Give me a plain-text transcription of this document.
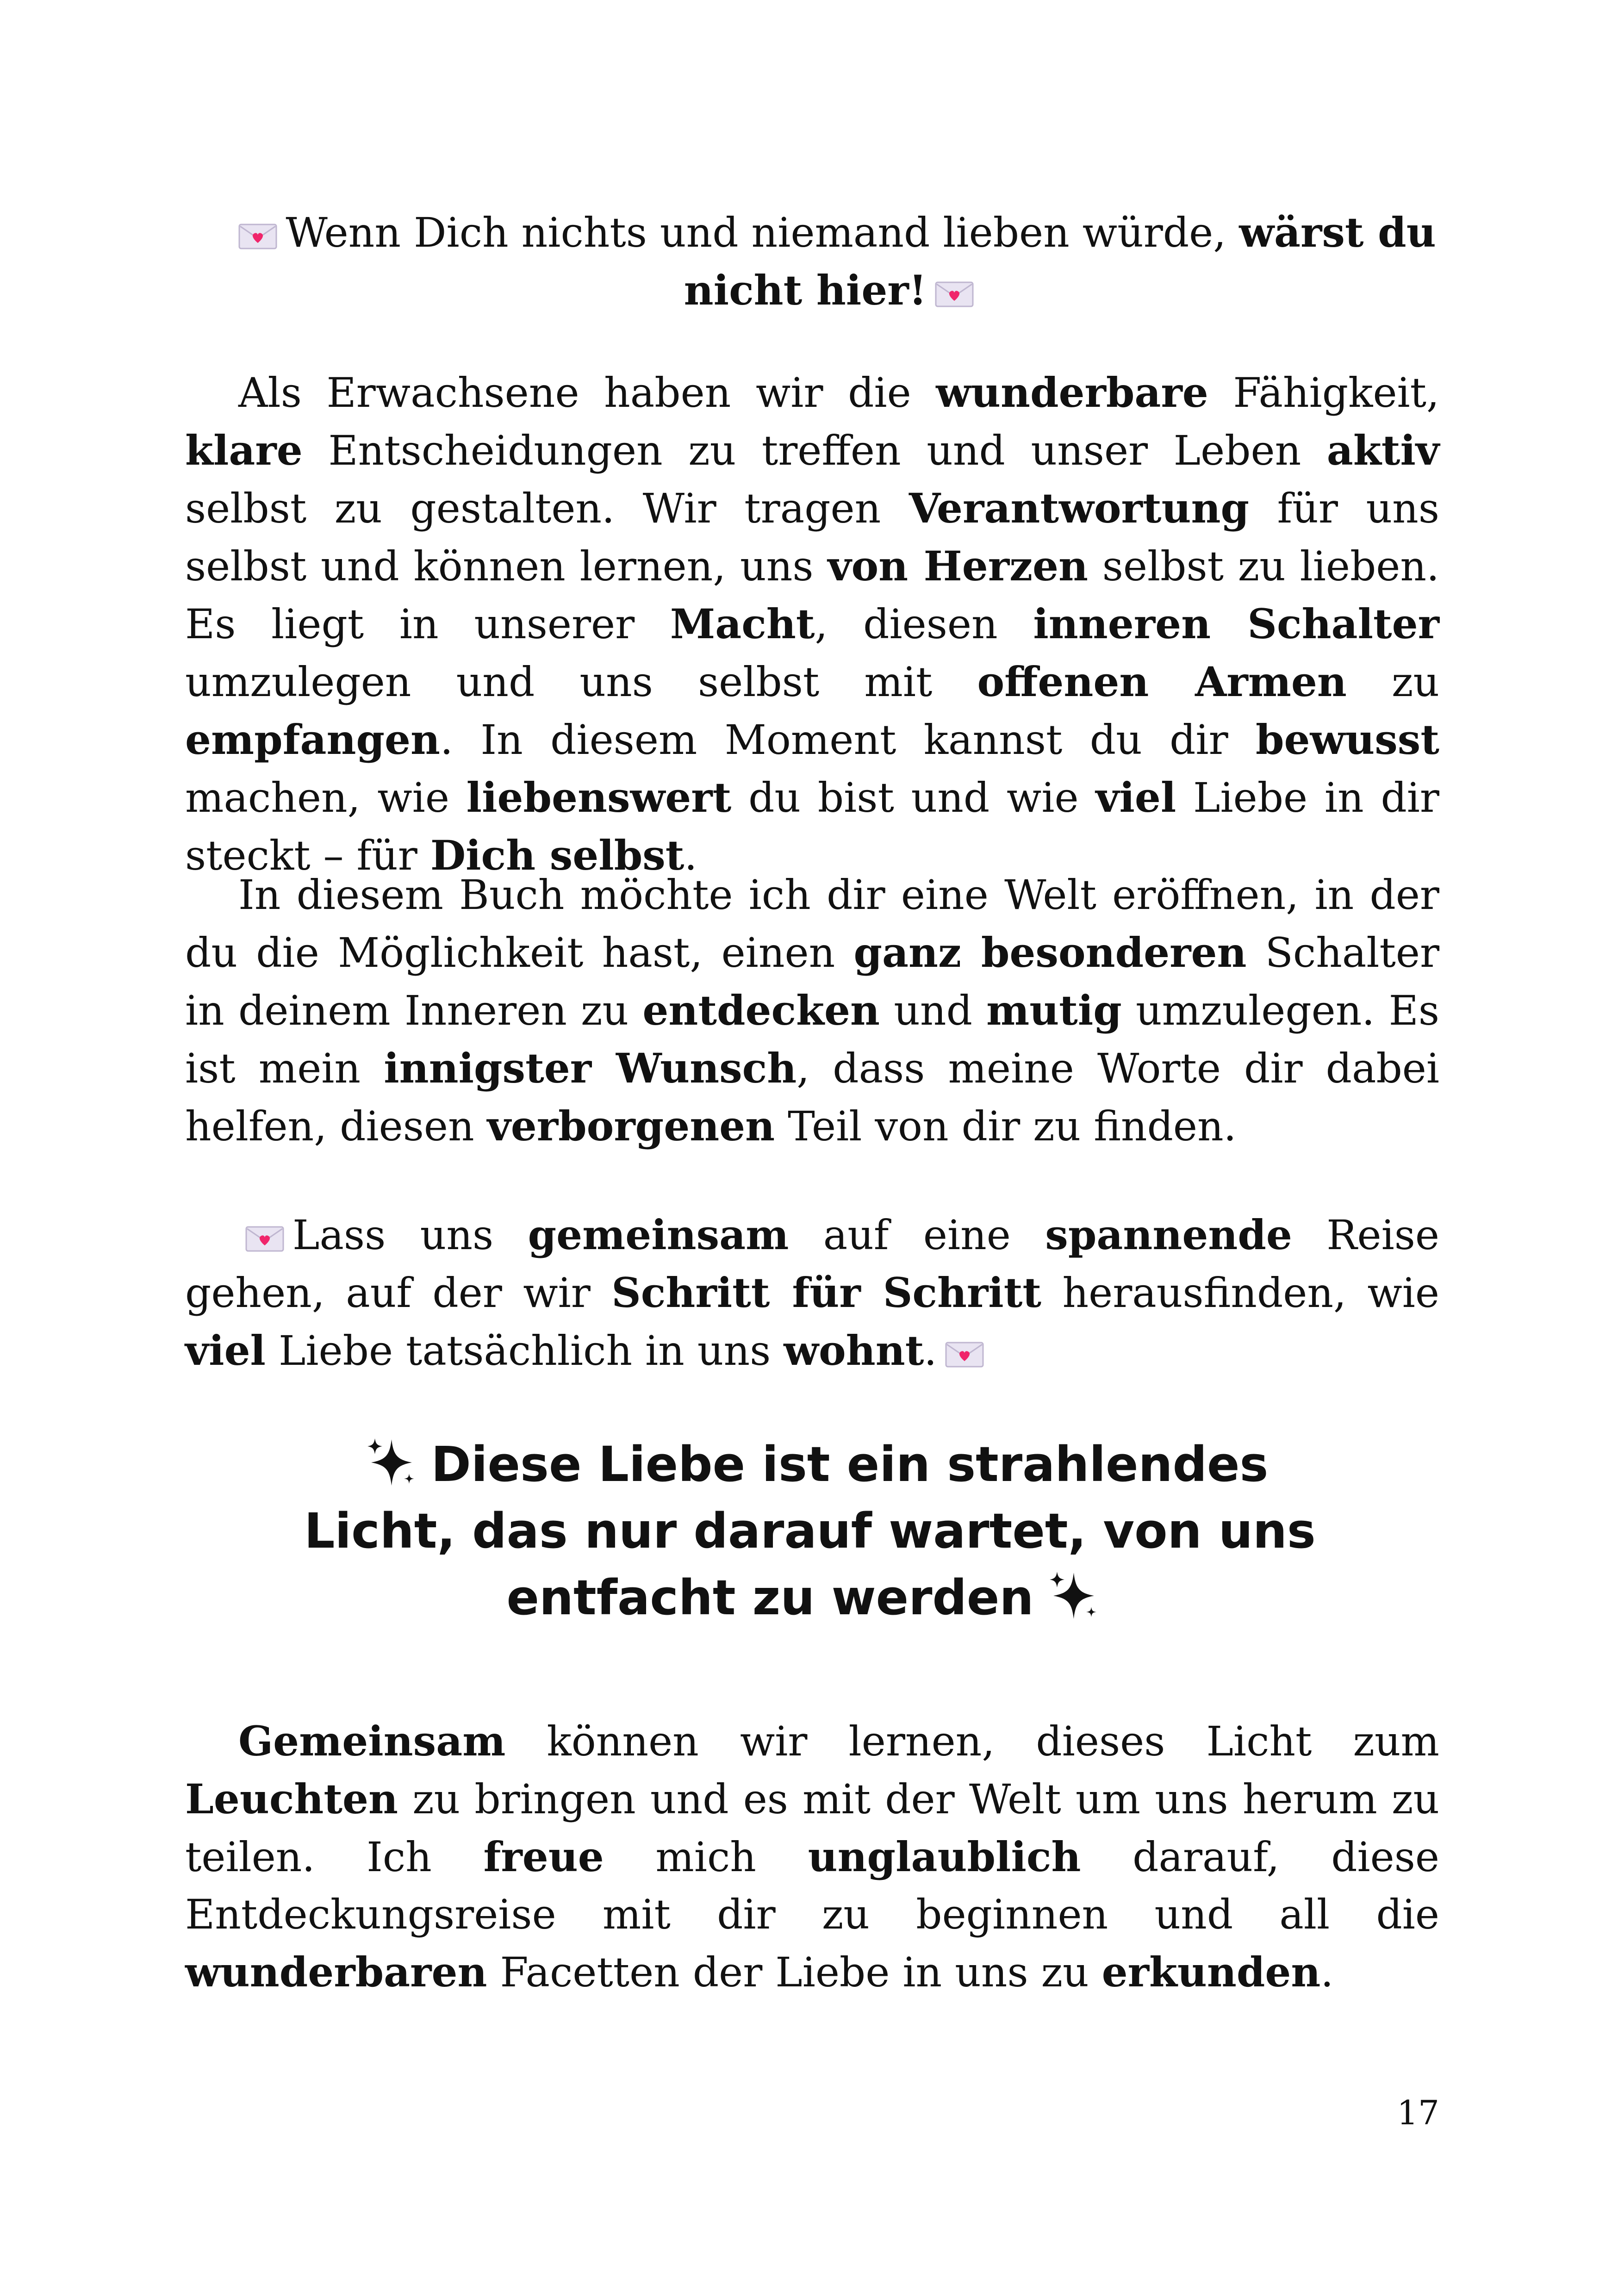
Wenn Dich nichts und niemand lieben würde, wärst du nicht hier!
Als Erwachsene haben wir die wunderbare Fähigkeit, klare Entscheidungen zu treffen und unser Leben aktiv selbst zu gestalten. Wir tragen Verantwortung für uns selbst und können lernen, uns von Herzen selbst zu lieben. Es liegt in unserer Macht, diesen inneren Schalter umzulegen und uns selbst mit offenen Armen zu empfangen. In diesem Moment kannst du dir bewusst machen, wie liebenswert du bist und wie viel Liebe in dir steckt – für Dich selbst.
In diesem Buch möchte ich dir eine Welt eröffnen, in der du die Möglichkeit hast, einen ganz besonderen Schalter in deinem Inneren zu entdecken und mutig umzulegen. Es ist mein innigster Wunsch, dass meine Worte dir dabei helfen, diesen verborgenen Teil von dir zu finden.
Lass uns gemeinsam auf eine spannende Reise gehen, auf der wir Schritt für Schritt herausfinden, wie viel Liebe tatsächlich in uns wohnt.
Diese Liebe ist ein strahlendes
Licht, das nur darauf wartet, von uns
entfacht zu werden
Gemeinsam können wir lernen, dieses Licht zum Leuchten zu bringen und es mit der Welt um uns herum zu teilen. Ich freue mich unglaublich darauf, diese Entdeckungsreise mit dir zu beginnen und all die wunderbaren Facetten der Liebe in uns zu erkunden.
17
